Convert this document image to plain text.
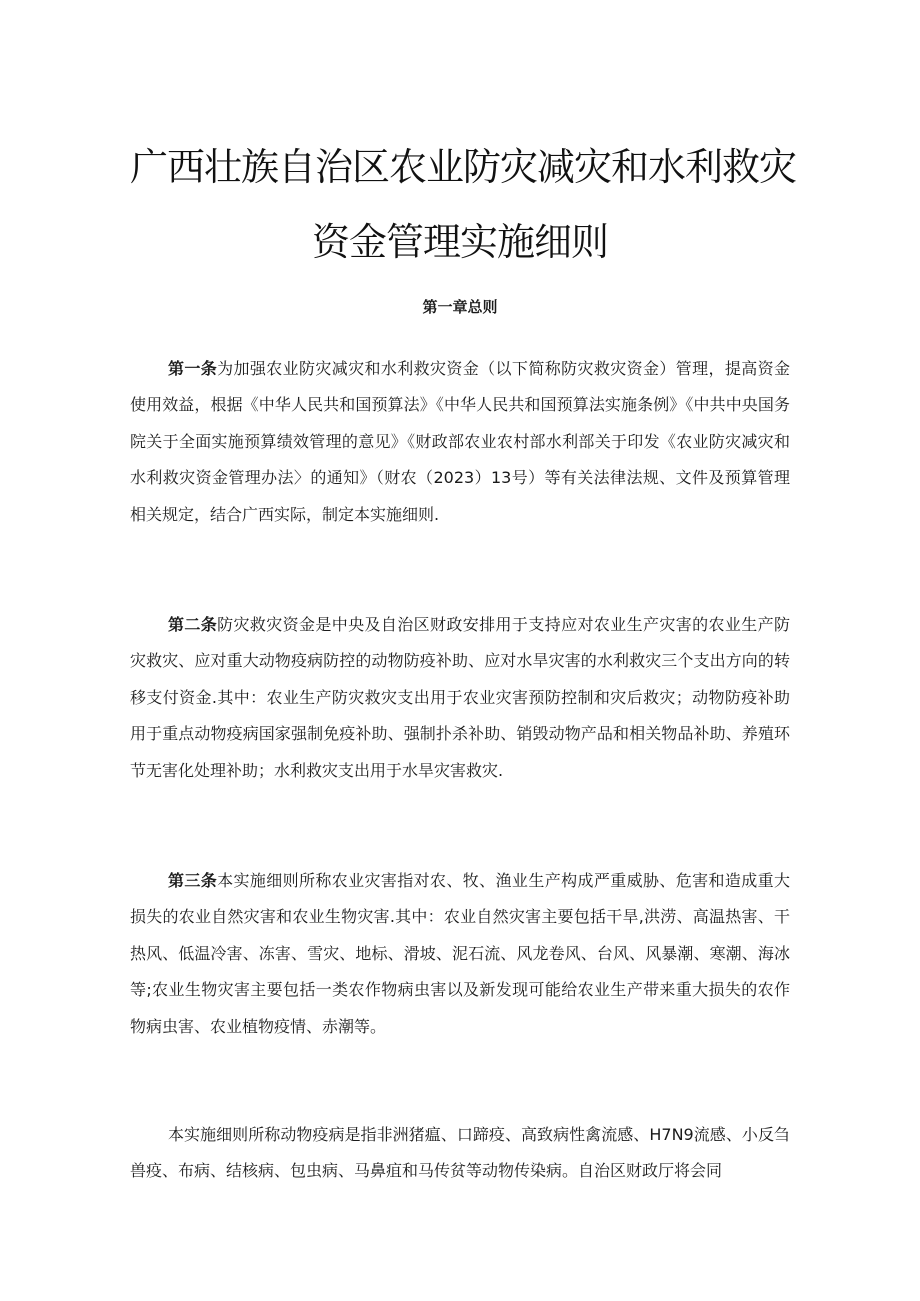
广西壮族自治区农业防灾减灾和水利救灾
资金管理实施细则
第一章总则

第一条为加强农业防灾减灾和水利救灾资金（以下简称防灾救灾资金）管理，提高资金使用效益，根据《中华人民共和国预算法》《中华人民共和国预算法实施条例》《中共中央国务院关于全面实施预算绩效管理的意见》《财政部农业农村部水利部关于印发《农业防灾减灾和水利救灾资金管理办法〉的通知》（财农（2023）13号）等有关法律法规、文件及预算管理相关规定，结合广西实际，制定本实施细则.

第二条防灾救灾资金是中央及自治区财政安排用于支持应对农业生产灾害的农业生产防灾救灾、应对重大动物疫病防控的动物防疫补助、应对水旱灾害的水利救灾三个支出方向的转移支付资金.其中：农业生产防灾救灾支出用于农业灾害预防控制和灾后救灾；动物防疫补助用于重点动物疫病国家强制免疫补助、强制扑杀补助、销毁动物产品和相关物品补助、养殖环节无害化处理补助；水利救灾支出用于水旱灾害救灾.

第三条本实施细则所称农业灾害指对农、牧、渔业生产构成严重威胁、危害和造成重大损失的农业自然灾害和农业生物灾害.其中：农业自然灾害主要包括干旱,洪涝、高温热害、干热风、低温冷害、冻害、雪灾、地标、滑坡、泥石流、风龙卷风、台风、风暴潮、寒潮、海冰等;农业生物灾害主要包括一类农作物病虫害以及新发现可能给农业生产带来重大损失的农作物病虫害、农业植物疫情、赤潮等。

本实施细则所称动物疫病是指非洲猪瘟、口蹄疫、高致病性禽流感、H7N9流感、小反刍兽疫、布病、结核病、包虫病、马鼻疽和马传贫等动物传染病。自治区财政厅将会同
